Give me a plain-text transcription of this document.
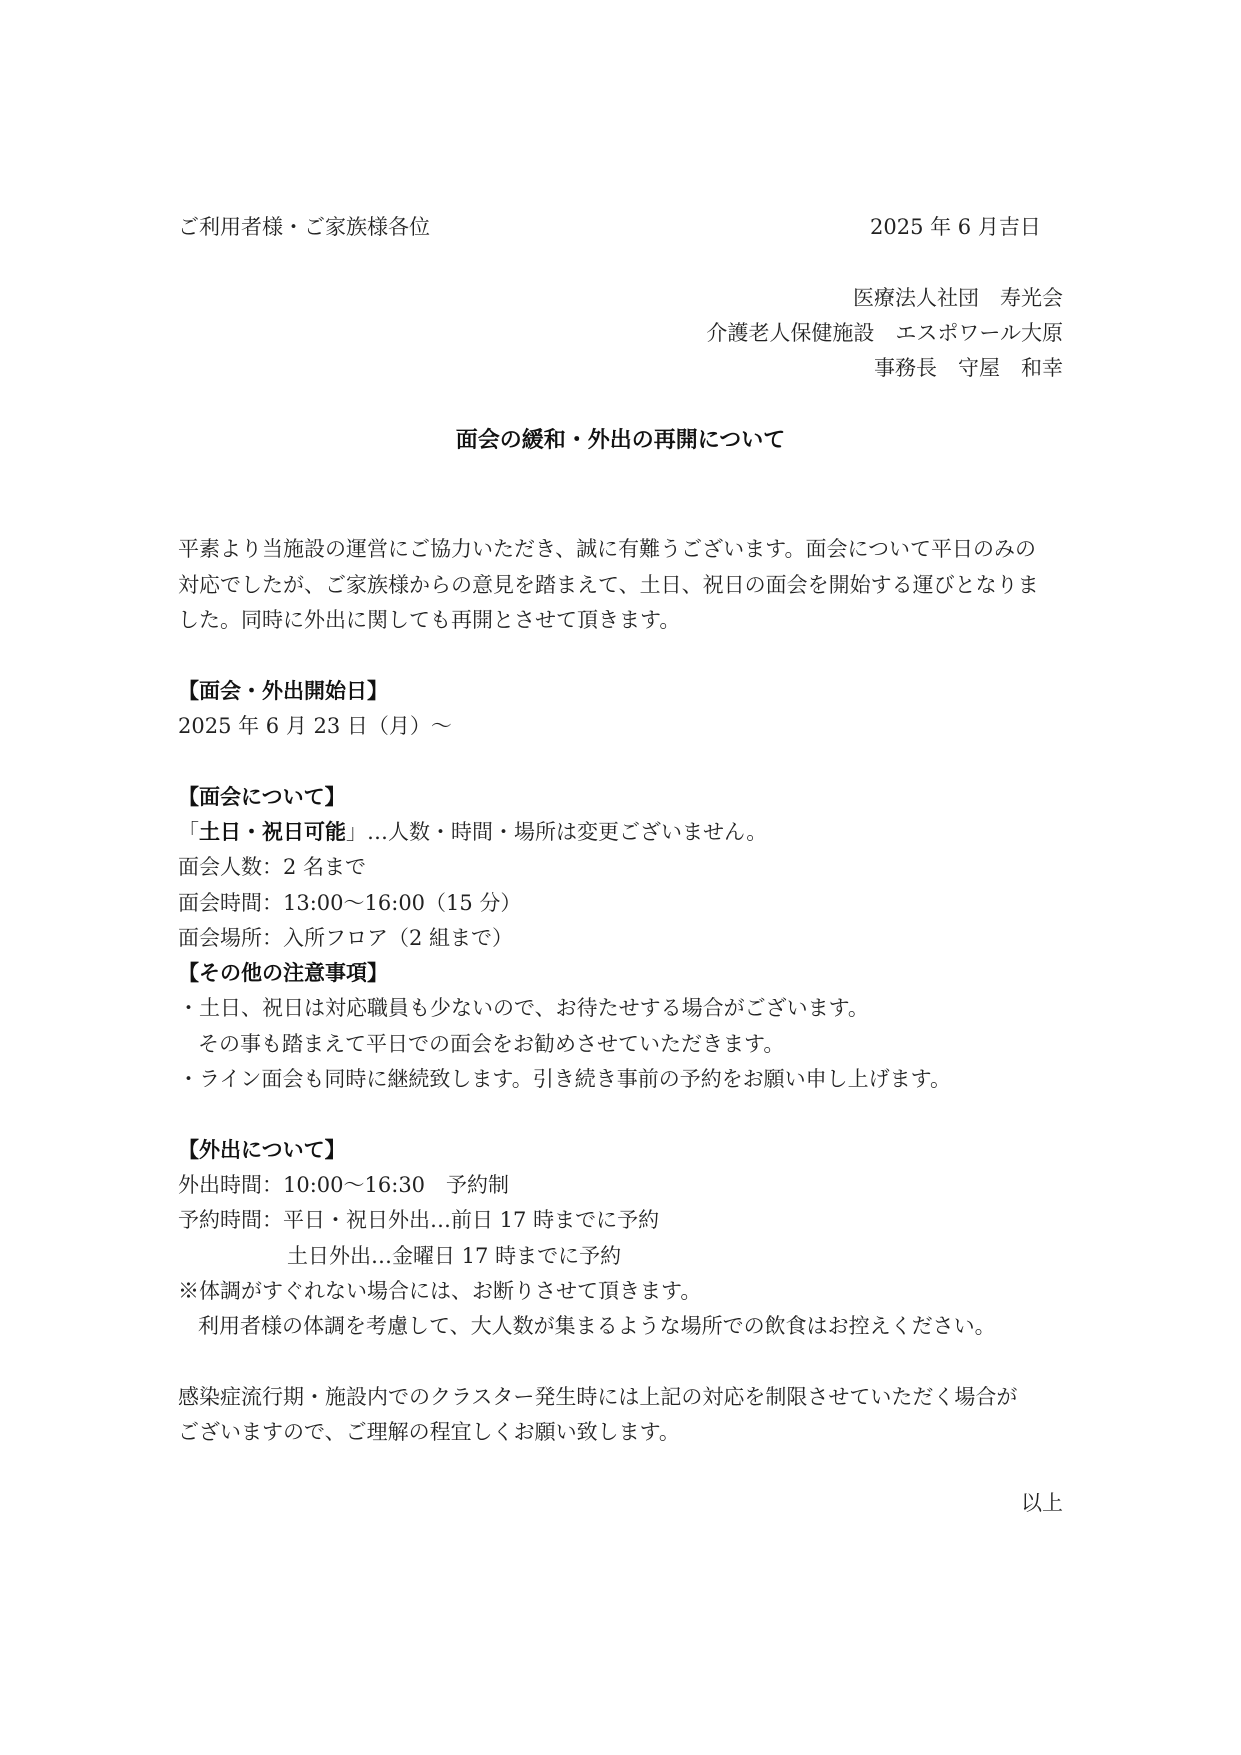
ご利用者様・ご家族様各位	2025 年 6 月吉日
医療法人社団　寿光会
介護老人保健施設　エスポワール大原
事務長　守屋　和幸
面会の緩和・外出の再開について
平素より当施設の運営にご協力いただき、誠に有難うございます。面会について平日のみの
対応でしたが、ご家族様からの意見を踏まえて、土日、祝日の面会を開始する運びとなりま
した。同時に外出に関しても再開とさせて頂きます。
【面会・外出開始日】
2025 年 6 月 23 日（月）～
【面会について】
「土日・祝日可能」…人数・時間・場所は変更ございません。
面会人数：2 名まで
面会時間：13:00～16:00（15 分）
面会場所：入所フロア（2 組まで）
【その他の注意事項】
・土日、祝日は対応職員も少ないので、お待たせする場合がございます。
その事も踏まえて平日での面会をお勧めさせていただきます。
・ライン面会も同時に継続致します。引き続き事前の予約をお願い申し上げます。
【外出について】
外出時間：10:00～16:30　予約制
予約時間：平日・祝日外出…前日 17 時までに予約
土日外出…金曜日 17 時までに予約
※体調がすぐれない場合には、お断りさせて頂きます。
利用者様の体調を考慮して、大人数が集まるような場所での飲食はお控えください。
感染症流行期・施設内でのクラスター発生時には上記の対応を制限させていただく場合が
ございますので、ご理解の程宜しくお願い致します。
以上
